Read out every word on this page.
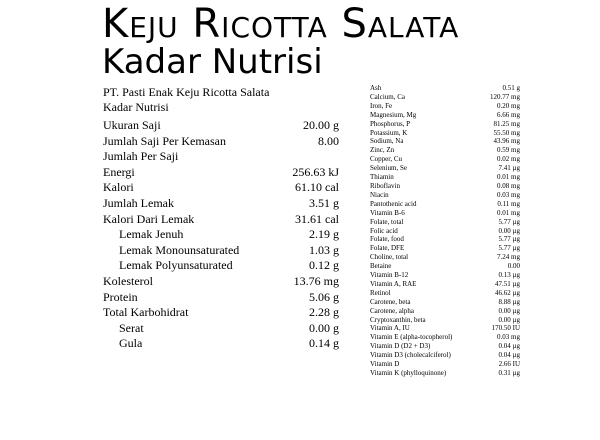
Keju Ricotta Salata
Kadar Nutrisi
PT. Pasti Enak Keju Ricotta Salata
Kadar Nutrisi
Ukuran Saji	20.00 g
Jumlah Saji Per Kemasan	8.00
Jumlah Per Saji
Energi	256.63 kJ
Kalori	61.10 cal
Jumlah Lemak	3.51 g
Kalori Dari Lemak	31.61 cal
Lemak Jenuh	2.19 g
Lemak Monounsaturated	1.03 g
Lemak Polyunsaturated	0.12 g
Kolesterol	13.76 mg
Protein	5.06 g
Total Karbohidrat	2.28 g
Serat	0.00 g
Gula	0.14 g
Ash	0.51 g
Calcium, Ca	120.77 mg
Iron, Fe	0.20 mg
Magnesium, Mg	6.66 mg
Phosphorus, P	81.25 mg
Potassium, K	55.50 mg
Sodium, Na	43.96 mg
Zinc, Zn	0.59 mg
Copper, Cu	0.02 mg
Selenium, Se	7.41 µg
Thiamin	0.01 mg
Riboflavin	0.08 mg
Niacin	0.03 mg
Pantothenic acid	0.11 mg
Vitamin B-6	0.01 mg
Folate, total	5.77 µg
Folic acid	0.00 µg
Folate, food	5.77 µg
Folate, DFE	5.77 µg
Choline, total	7.24 mg
Betaine	0.00
Vitamin B-12	0.13 µg
Vitamin A, RAE	47.51 µg
Retinol	46.62 µg
Carotene, beta	8.88 µg
Carotene, alpha	0.00 µg
Cryptoxanthin, beta	0.00 µg
Vitamin A, IU	170.50 IU
Vitamin E (alpha-tocopherol)	0.03 mg
Vitamin D (D2 + D3)	0.04 µg
Vitamin D3 (cholecalciferol)	0.04 µg
Vitamin D	2.66 IU
Vitamin K (phylloquinone)	0.31 µg
